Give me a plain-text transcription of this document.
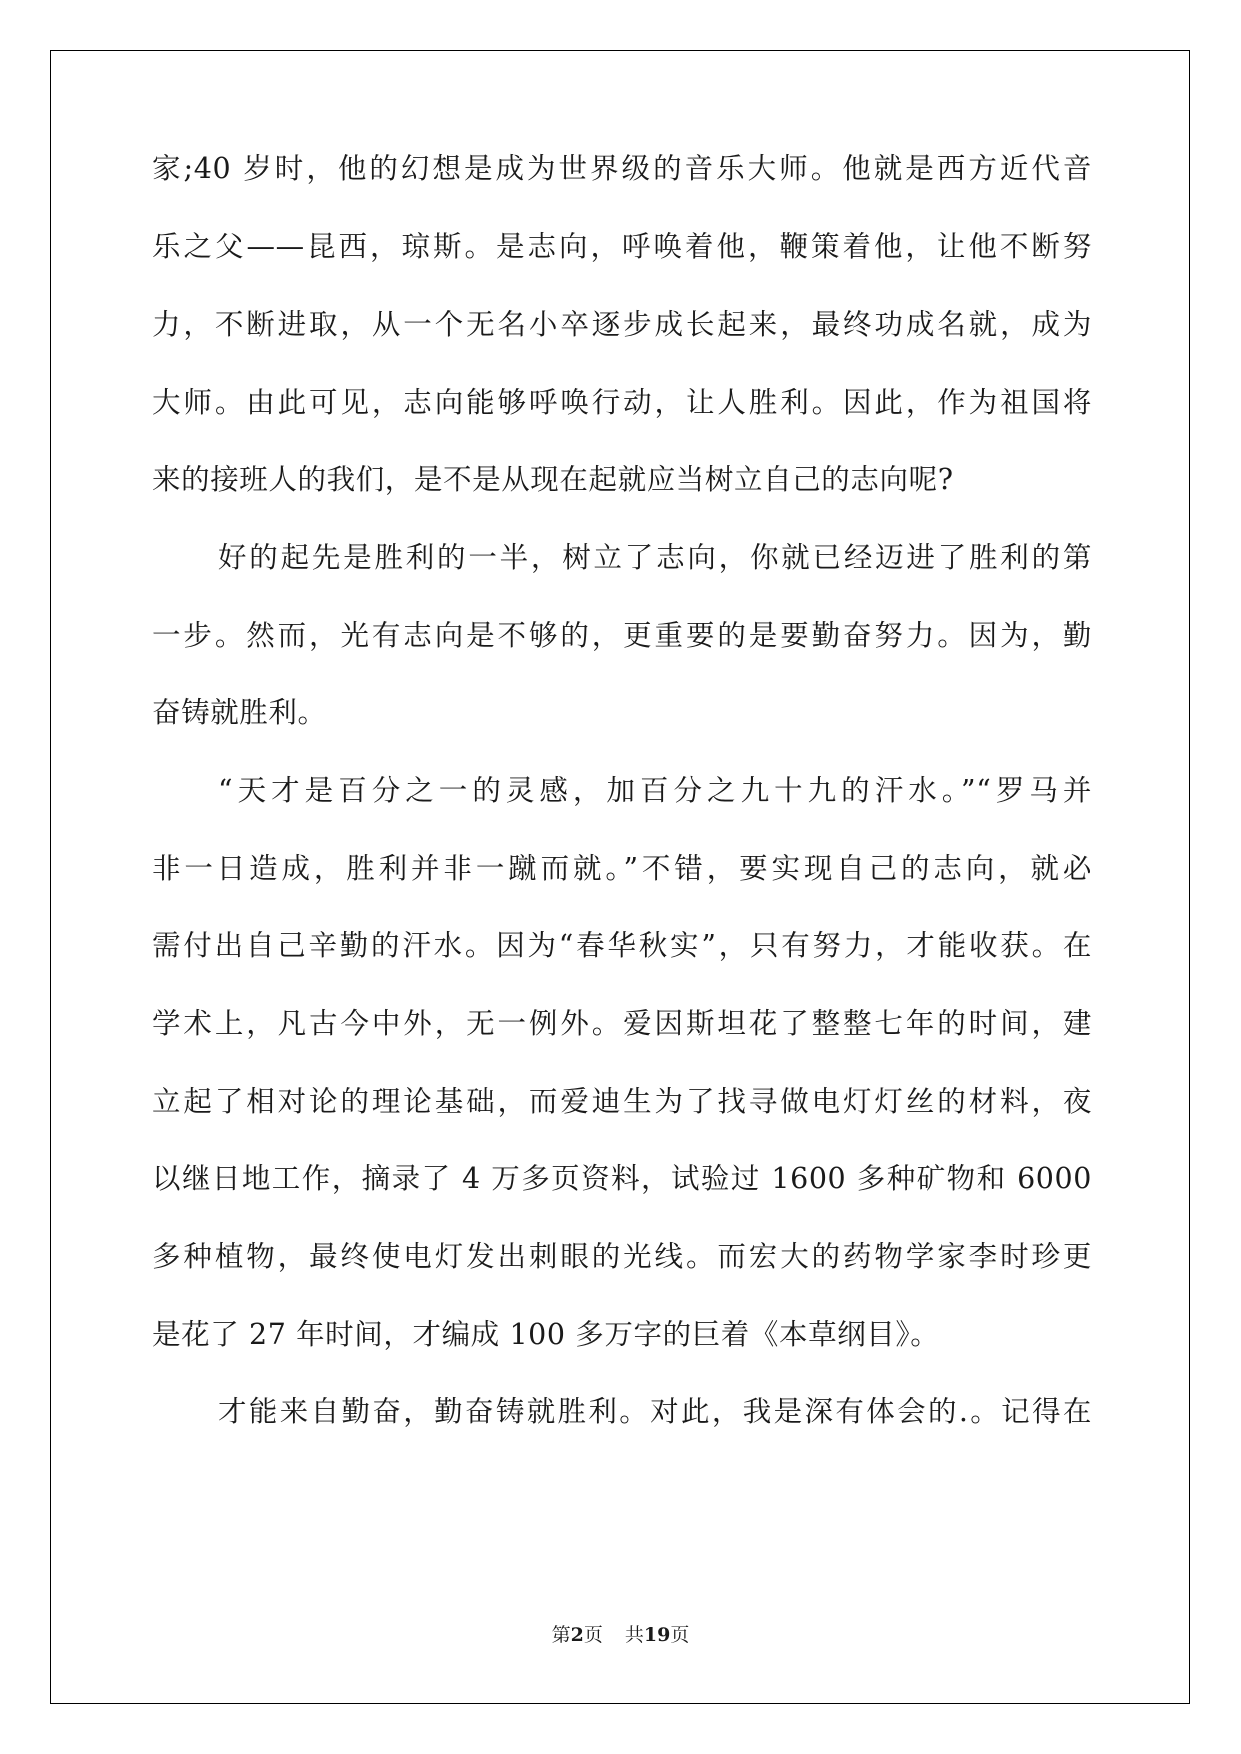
家;40 岁时，他的幻想是成为世界级的音乐大师。他就是西方近代音
乐之父——昆西，琼斯。是志向，呼唤着他，鞭策着他，让他不断努
力，不断进取，从一个无名小卒逐步成长起来，最终功成名就，成为
大师。由此可见，志向能够呼唤行动，让人胜利。因此，作为祖国将
来的接班人的我们，是不是从现在起就应当树立自己的志向呢?
好的起先是胜利的一半，树立了志向，你就已经迈进了胜利的第
一步。然而，光有志向是不够的，更重要的是要勤奋努力。因为，勤
奋铸就胜利。
“天才是百分之一的灵感，加百分之九十九的汗水。”“罗马并
非一日造成，胜利并非一蹴而就。”不错，要实现自己的志向，就必
需付出自己辛勤的汗水。因为“春华秋实”，只有努力，才能收获。在
学术上，凡古今中外，无一例外。爱因斯坦花了整整七年的时间，建
立起了相对论的理论基础，而爱迪生为了找寻做电灯灯丝的材料，夜
以继日地工作，摘录了 4 万多页资料，试验过 1600 多种矿物和 6000
多种植物，最终使电灯发出刺眼的光线。而宏大的药物学家李时珍更
是花了 27 年时间，才编成 100 多万字的巨着《本草纲目》。
才能来自勤奋，勤奋铸就胜利。对此，我是深有体会的.。记得在
第2页 共19页
